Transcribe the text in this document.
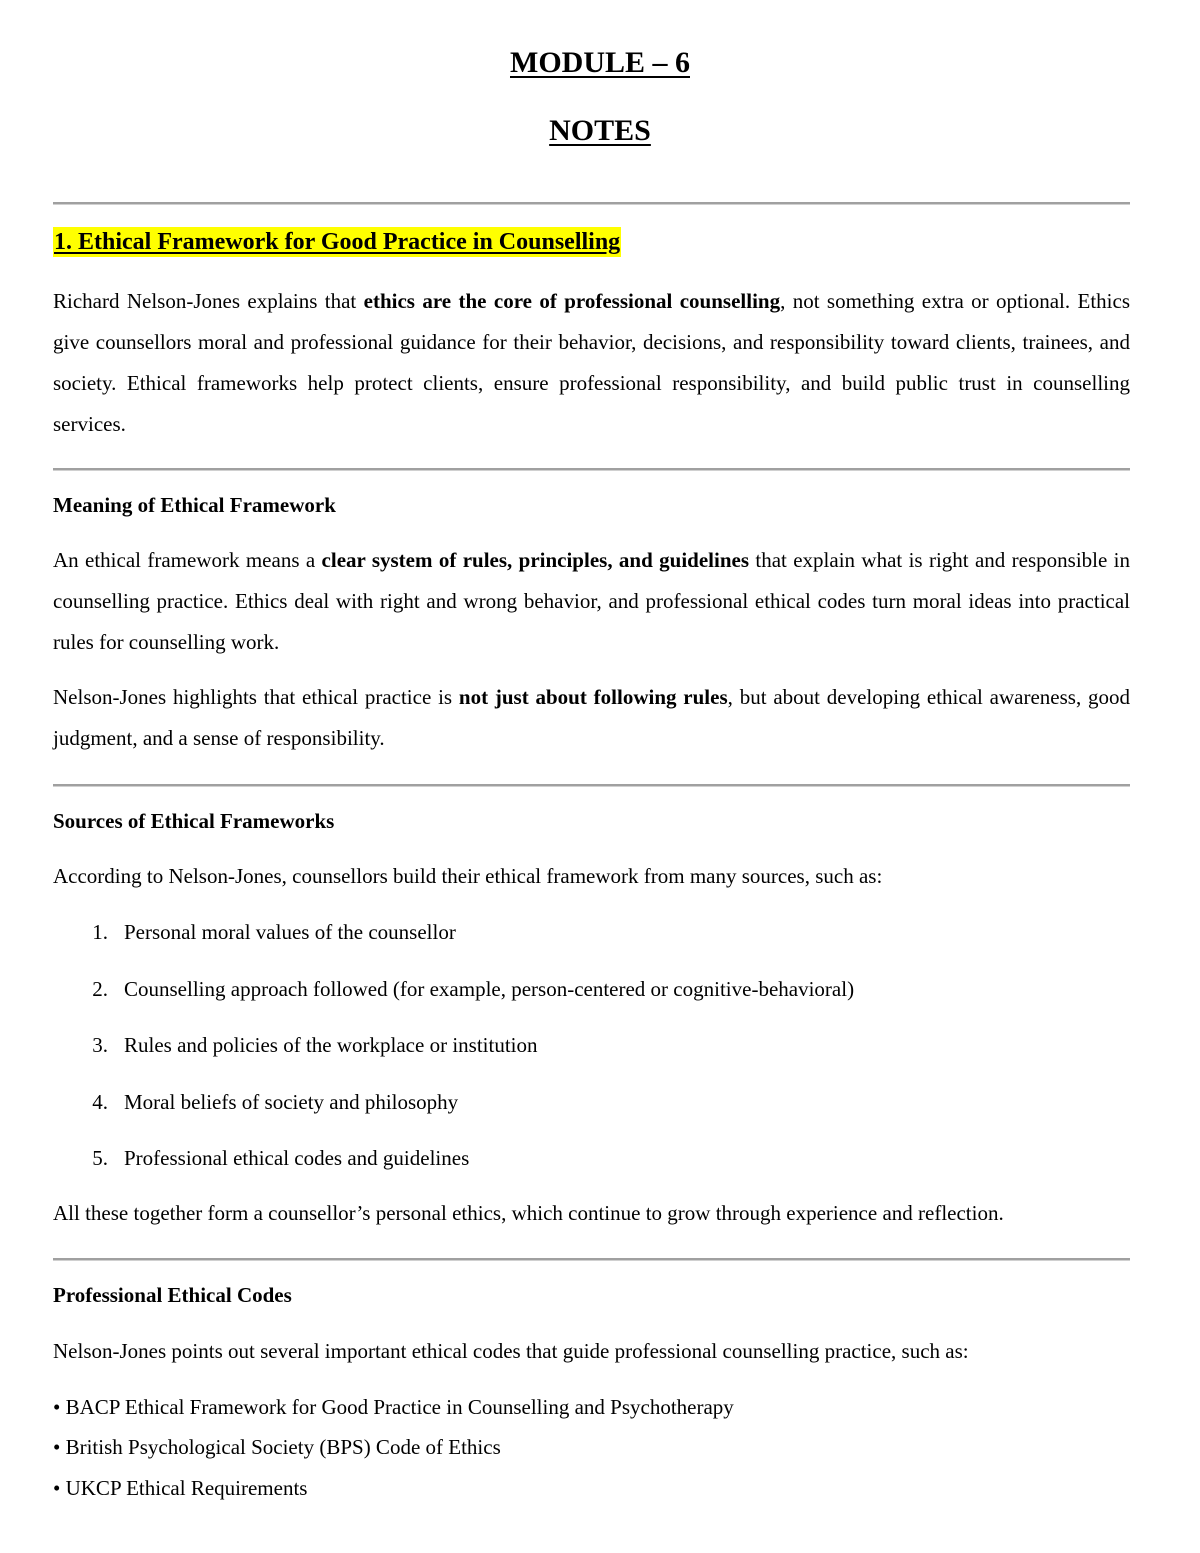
MODULE – 6
NOTES
1. Ethical Framework for Good Practice in Counselling
Richard Nelson-Jones explains that ethics are the core of professional counselling, not something extra or optional. Ethics give counsellors moral and professional guidance for their behavior, decisions, and responsibility toward clients, trainees, and society. Ethical frameworks help protect clients, ensure professional responsibility, and build public trust in counselling services.
Meaning of Ethical Framework
An ethical framework means a clear system of rules, principles, and guidelines that explain what is right and responsible in counselling practice. Ethics deal with right and wrong behavior, and professional ethical codes turn moral ideas into practical rules for counselling work.
Nelson-Jones highlights that ethical practice is not just about following rules, but about developing ethical awareness, good judgment, and a sense of responsibility.
Sources of Ethical Frameworks
According to Nelson-Jones, counsellors build their ethical framework from many sources, such as:
1. Personal moral values of the counsellor
2. Counselling approach followed (for example, person-centered or cognitive-behavioral)
3. Rules and policies of the workplace or institution
4. Moral beliefs of society and philosophy
5. Professional ethical codes and guidelines
All these together form a counsellor’s personal ethics, which continue to grow through experience and reflection.
Professional Ethical Codes
Nelson-Jones points out several important ethical codes that guide professional counselling practice, such as:
• BACP Ethical Framework for Good Practice in Counselling and Psychotherapy
• British Psychological Society (BPS) Code of Ethics
• UKCP Ethical Requirements
